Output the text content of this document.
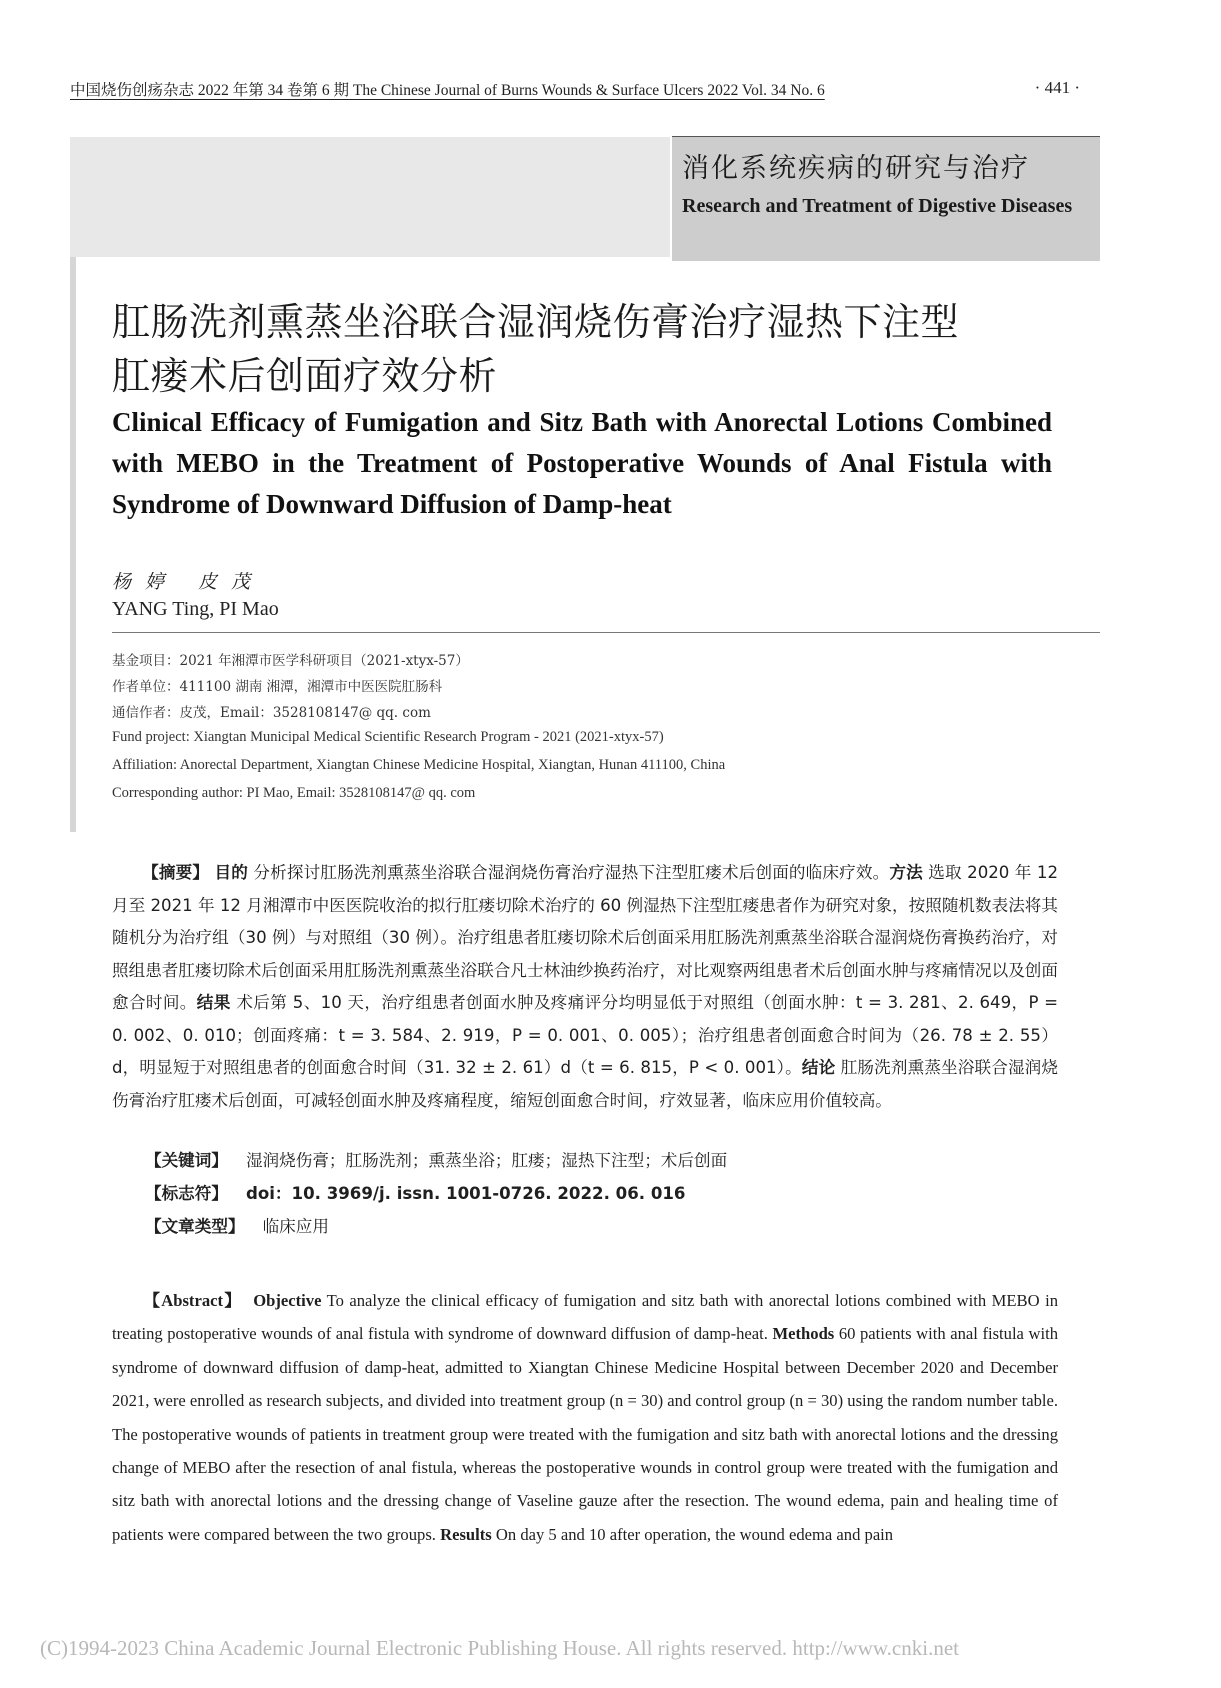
中国烧伤创疡杂志 2022 年第 34 卷第 6 期 The Chinese Journal of Burns Wounds & Surface Ulcers 2022 Vol. 34 No. 6	· 441 ·
消化系统疾病的研究与治疗
Research and Treatment of Digestive Diseases
肛肠洗剂熏蒸坐浴联合湿润烧伤膏治疗湿热下注型
肛瘘术后创面疗效分析
Clinical Efficacy of Fumigation and Sitz Bath with Anorectal Lotions Combined with MEBO in the Treatment of Postoperative Wounds of Anal Fistula with Syndrome of Downward Diffusion of Damp-heat
杨婷 皮茂
YANG Ting, PI Mao
基金项目：2021 年湘潭市医学科研项目（2021-xtyx-57）
作者单位：411100 湖南 湘潭，湘潭市中医医院肛肠科
通信作者：皮茂，Email：3528108147@ qq. com
Fund project: Xiangtan Municipal Medical Scientific Research Program - 2021 (2021-xtyx-57)
Affiliation: Anorectal Department, Xiangtan Chinese Medicine Hospital, Xiangtan, Hunan 411100, China
Corresponding author: PI Mao, Email: 3528108147@ qq. com
【摘要】 目的 分析探讨肛肠洗剂熏蒸坐浴联合湿润烧伤膏治疗湿热下注型肛瘘术后创面的临床疗效。方法 选取 2020 年 12 月至 2021 年 12 月湘潭市中医医院收治的拟行肛瘘切除术治疗的 60 例湿热下注型肛瘘患者作为研究对象，按照随机数表法将其随机分为治疗组（30 例）与对照组（30 例）。治疗组患者肛瘘切除术后创面采用肛肠洗剂熏蒸坐浴联合湿润烧伤膏换药治疗，对照组患者肛瘘切除术后创面采用肛肠洗剂熏蒸坐浴联合凡士林油纱换药治疗，对比观察两组患者术后创面水肿与疼痛情况以及创面愈合时间。结果 术后第 5、10 天，治疗组患者创面水肿及疼痛评分均明显低于对照组（创面水肿：t = 3. 281、2. 649，P = 0. 002、0. 010；创面疼痛：t = 3. 584、2. 919，P = 0. 001、0. 005）；治疗组患者创面愈合时间为（26. 78 ± 2. 55）d，明显短于对照组患者的创面愈合时间（31. 32 ± 2. 61）d（t = 6. 815，P < 0. 001）。结论 肛肠洗剂熏蒸坐浴联合湿润烧伤膏治疗肛瘘术后创面，可减轻创面水肿及疼痛程度，缩短创面愈合时间，疗效显著，临床应用价值较高。
【关键词】 湿润烧伤膏；肛肠洗剂；熏蒸坐浴；肛瘘；湿热下注型；术后创面
【标志符】 doi：10. 3969/j. issn. 1001-0726. 2022. 06. 016
【文章类型】 临床应用
【Abstract】 Objective To analyze the clinical efficacy of fumigation and sitz bath with anorectal lotions combined with MEBO in treating postoperative wounds of anal fistula with syndrome of downward diffusion of damp-heat. Methods 60 patients with anal fistula with syndrome of downward diffusion of damp-heat, admitted to Xiangtan Chinese Medicine Hospital between December 2020 and December 2021, were enrolled as research subjects, and divided into treatment group (n = 30) and control group (n = 30) using the random number table. The postoperative wounds of patients in treatment group were treated with the fumigation and sitz bath with anorectal lotions and the dressing change of MEBO after the resection of anal fistula, whereas the postoperative wounds in control group were treated with the fumigation and sitz bath with anorectal lotions and the dressing change of Vaseline gauze after the resection. The wound edema, pain and healing time of patients were compared between the two groups. Results On day 5 and 10 after operation, the wound edema and pain
(C)1994-2023 China Academic Journal Electronic Publishing House. All rights reserved. http://www.cnki.net
